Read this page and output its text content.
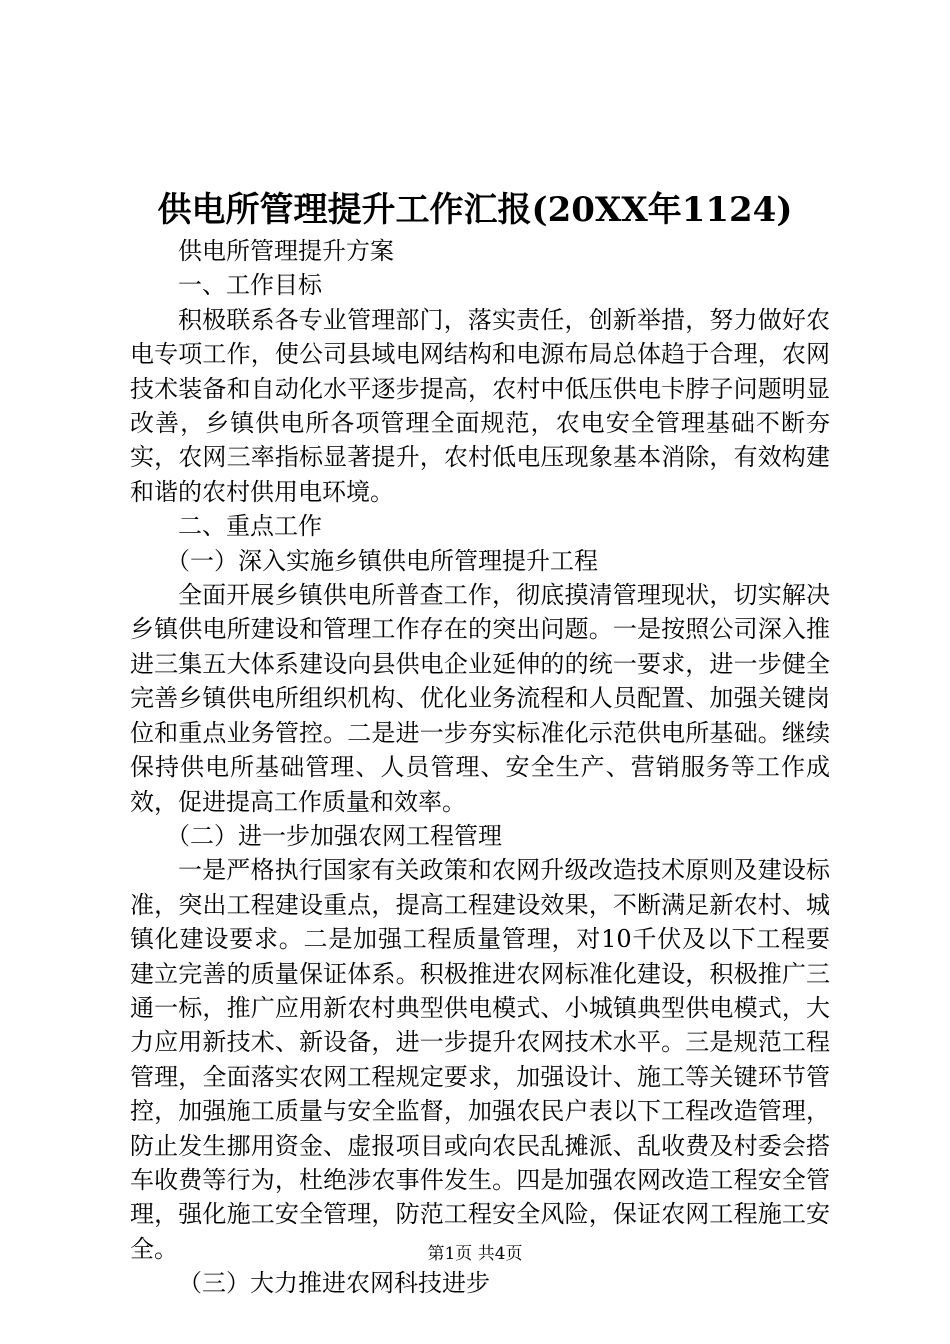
供电所管理提升工作汇报(20XX年1124)

供电所管理提升方案

一、工作目标

积极联系各专业管理部门，落实责任，创新举措，努力做好农电专项工作，使公司县域电网结构和电源布局总体趋于合理，农网技术装备和自动化水平逐步提高，农村中低压供电卡脖子问题明显改善，乡镇供电所各项管理全面规范，农电安全管理基础不断夯实，农网三率指标显著提升，农村低电压现象基本消除，有效构建和谐的农村供用电环境。

二、重点工作

（一）深入实施乡镇供电所管理提升工程

全面开展乡镇供电所普查工作，彻底摸清管理现状，切实解决乡镇供电所建设和管理工作存在的突出问题。一是按照公司深入推进三集五大体系建设向县供电企业延伸的的统一要求，进一步健全完善乡镇供电所组织机构、优化业务流程和人员配置、加强关键岗位和重点业务管控。二是进一步夯实标准化示范供电所基础。继续保持供电所基础管理、人员管理、安全生产、营销服务等工作成效，促进提高工作质量和效率。

（二）进一步加强农网工程管理

一是严格执行国家有关政策和农网升级改造技术原则及建设标准，突出工程建设重点，提高工程建设效果，不断满足新农村、城镇化建设要求。二是加强工程质量管理，对10千伏及以下工程要建立完善的质量保证体系。积极推进农网标准化建设，积极推广三通一标，推广应用新农村典型供电模式、小城镇典型供电模式，大力应用新技术、新设备，进一步提升农网技术水平。三是规范工程管理，全面落实农网工程规定要求，加强设计、施工等关键环节管控，加强施工质量与安全监督，加强农民户表以下工程改造管理，防止发生挪用资金、虚报项目或向农民乱摊派、乱收费及村委会搭车收费等行为，杜绝涉农事件发生。四是加强农网改造工程安全管理，强化施工安全管理，防范工程安全风险，保证农网工程施工安全。

（三）大力推进农网科技进步

第1页 共4页
